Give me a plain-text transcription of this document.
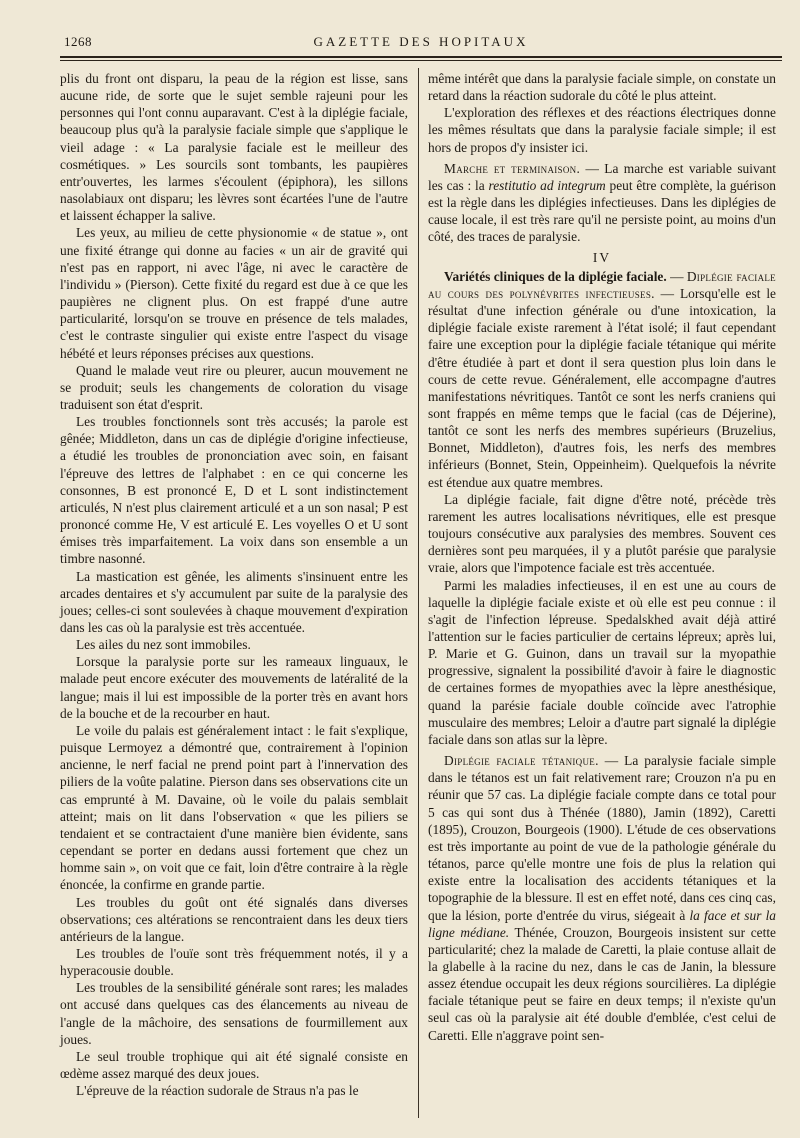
1268	GAZETTE DES HOPITAUX

plis du front ont disparu, la peau de la région est lisse, sans aucune ride, de sorte que le sujet semble rajeuni pour les personnes qui l'ont connu auparavant. C'est à la diplégie faciale, beaucoup plus qu'à la paralysie faciale simple que s'applique le vieil adage : « La paralysie faciale est le meilleur des cosmétiques. » Les sourcils sont tombants, les paupières entr'ouvertes, les larmes s'écoulent (épiphora), les sillons nasolabiaux ont disparu; les lèvres sont écartées l'une de l'autre et laissent échapper la salive.

Les yeux, au milieu de cette physionomie « de statue », ont une fixité étrange qui donne au facies « un air de gravité qui n'est pas en rapport, ni avec l'âge, ni avec le caractère de l'individu » (Pierson). Cette fixité du regard est due à ce que les paupières ne clignent plus. On est frappé d'une autre particularité, lorsqu'on se trouve en présence de tels malades, c'est le contraste singulier qui existe entre l'aspect du visage hébété et leurs réponses précises aux questions.

Quand le malade veut rire ou pleurer, aucun mouvement ne se produit; seuls les changements de coloration du visage traduisent son état d'esprit.

Les troubles fonctionnels sont très accusés; la parole est gênée; Middleton, dans un cas de diplégie d'origine infectieuse, a étudié les troubles de prononciation avec soin, en faisant l'épreuve des lettres de l'alphabet : en ce qui concerne les consonnes, B est prononcé E, D et L sont indistinctement articulés, N n'est plus clairement articulé et a un son nasal; P est prononcé comme He, V est articulé E. Les voyelles O et U sont émises très imparfaitement. La voix dans son ensemble a un timbre nasonné.

La mastication est gênée, les aliments s'insinuent entre les arcades dentaires et s'y accumulent par suite de la paralysie des joues; celles-ci sont soulevées à chaque mouvement d'expiration dans les cas où la paralysie est très accentuée.

Les ailes du nez sont immobiles.

Lorsque la paralysie porte sur les rameaux linguaux, le malade peut encore exécuter des mouvements de latéralité de la langue; mais il lui est impossible de la porter très en avant hors de la bouche et de la recourber en haut.

Le voile du palais est généralement intact : le fait s'explique, puisque Lermoyez a démontré que, contrairement à l'opinion ancienne, le nerf facial ne prend point part à l'innervation des piliers de la voûte palatine. Pierson dans ses observations cite un cas emprunté à M. Davaine, où le voile du palais semblait atteint; mais on lit dans l'observation « que les piliers se tendaient et se contractaient d'une manière bien évidente, sans cependant se porter en dedans aussi fortement que chez un homme sain », on voit que ce fait, loin d'être contraire à la règle énoncée, la confirme en grande partie.

Les troubles du goût ont été signalés dans diverses observations; ces altérations se rencontraient dans les deux tiers antérieurs de la langue.

Les troubles de l'ouïe sont très fréquemment notés, il y a hyperacousie double.

Les troubles de la sensibilité générale sont rares; les malades ont accusé dans quelques cas des élancements au niveau de l'angle de la mâchoire, des sensations de fourmillement aux joues.

Le seul trouble trophique qui ait été signalé consiste en œdème assez marqué des deux joues.

L'épreuve de la réaction sudorale de Straus n'a pas le

même intérêt que dans la paralysie faciale simple, on constate un retard dans la réaction sudorale du côté le plus atteint.

L'exploration des réflexes et des réactions électriques donne les mêmes résultats que dans la paralysie faciale simple; il est hors de propos d'y insister ici.

Marche et terminaison. — La marche est variable suivant les cas : la restitutio ad integrum peut être complète, la guérison est la règle dans les diplégies infectieuses. Dans les diplégies de cause locale, il est très rare qu'il ne persiste point, au moins d'un côté, des traces de paralysie.

IV

Variétés cliniques de la diplégie faciale. — Diplégie faciale au cours des polynévrites infectieuses. — Lorsqu'elle est le résultat d'une infection générale ou d'une intoxication, la diplégie faciale existe rarement à l'état isolé; il faut cependant faire une exception pour la diplégie faciale tétanique qui mérite d'être étudiée à part et dont il sera question plus loin dans le cours de cette revue. Généralement, elle accompagne d'autres manifestations névritiques. Tantôt ce sont les nerfs craniens qui sont frappés en même temps que le facial (cas de Déjerine), tantôt ce sont les nerfs des membres supérieurs (Bruzelius, Bonnet, Middleton), d'autres fois, les nerfs des membres inférieurs (Bonnet, Stein, Oppeinheim). Quelquefois la névrite est étendue aux quatre membres.

La diplégie faciale, fait digne d'être noté, précède très rarement les autres localisations névritiques, elle est presque toujours consécutive aux paralysies des membres. Souvent ces dernières sont peu marquées, il y a plutôt parésie que paralysie vraie, alors que l'impotence faciale est très accentuée.

Parmi les maladies infectieuses, il en est une au cours de laquelle la diplégie faciale existe et où elle est peu connue : il s'agit de l'infection lépreuse. Spedalskhed avait déjà attiré l'attention sur le facies particulier de certains lépreux; après lui, P. Marie et G. Guinon, dans un travail sur la myopathie progressive, signalent la possibilité d'avoir à faire le diagnostic de certaines formes de myopathies avec la lèpre anesthésique, quand la parésie faciale double coïncide avec l'atrophie musculaire des membres; Leloir a d'autre part signalé la diplégie faciale dans son atlas sur la lèpre.

Diplégie faciale tétanique. — La paralysie faciale simple dans le tétanos est un fait relativement rare; Crouzon n'a pu en réunir que 57 cas. La diplégie faciale compte dans ce total pour 5 cas qui sont dus à Thénée (1880), Jamin (1892), Caretti (1895), Crouzon, Bourgeois (1900). L'étude de ces observations est très importante au point de vue de la pathologie générale du tétanos, parce qu'elle montre une fois de plus la relation qui existe entre la localisation des accidents tétaniques et la topographie de la blessure. Il est en effet noté, dans ces cinq cas, que la lésion, porte d'entrée du virus, siégeait à la face et sur la ligne médiane. Thénée, Crouzon, Bourgeois insistent sur cette particularité; chez la malade de Caretti, la plaie contuse allait de la glabelle à la racine du nez, dans le cas de Janin, la blessure assez étendue occupait les deux régions sourcilières. La diplégie faciale tétanique peut se faire en deux temps; il n'existe qu'un seul cas où la paralysie ait été double d'emblée, c'est celui de Caretti. Elle n'aggrave point sen-
